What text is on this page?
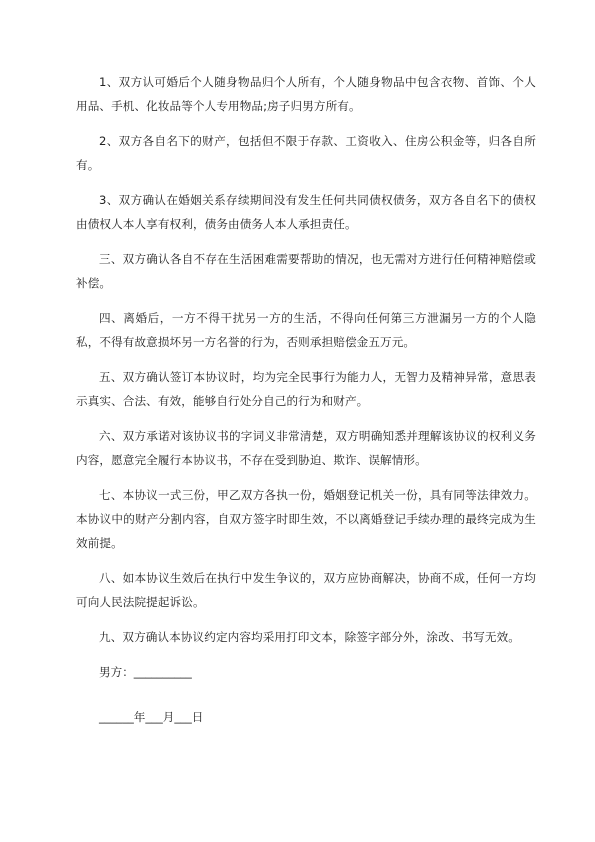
1、双方认可婚后个人随身物品归个人所有，个人随身物品中包含衣物、首饰、个人用品、手机、化妆品等个人专用物品;房子归男方所有。

2、双方各自名下的财产，包括但不限于存款、工资收入、住房公积金等，归各自所有。

3、双方确认在婚姻关系存续期间没有发生任何共同债权债务，双方各自名下的债权由债权人本人享有权利，债务由债务人本人承担责任。

三、双方确认各自不存在生活困难需要帮助的情况，也无需对方进行任何精神赔偿或补偿。

四、离婚后，一方不得干扰另一方的生活，不得向任何第三方泄漏另一方的个人隐私，不得有故意损坏另一方名誉的行为，否则承担赔偿金五万元。

五、双方确认签订本协议时，均为完全民事行为能力人，无智力及精神异常，意思表示真实、合法、有效，能够自行处分自己的行为和财产。

六、双方承诺对该协议书的字词义非常清楚，双方明确知悉并理解该协议的权利义务内容，愿意完全履行本协议书，不存在受到胁迫、欺诈、误解情形。

七、本协议一式三份，甲乙双方各执一份，婚姻登记机关一份，具有同等法律效力。本协议中的财产分割内容，自双方签字时即生效，不以离婚登记手续办理的最终完成为生效前提。

八、如本协议生效后在执行中发生争议的，双方应协商解决，协商不成，任何一方均可向人民法院提起诉讼。

九、双方确认本协议约定内容均采用打印文本，除签字部分外，涂改、书写无效。

男方：__________

______年___月___日
